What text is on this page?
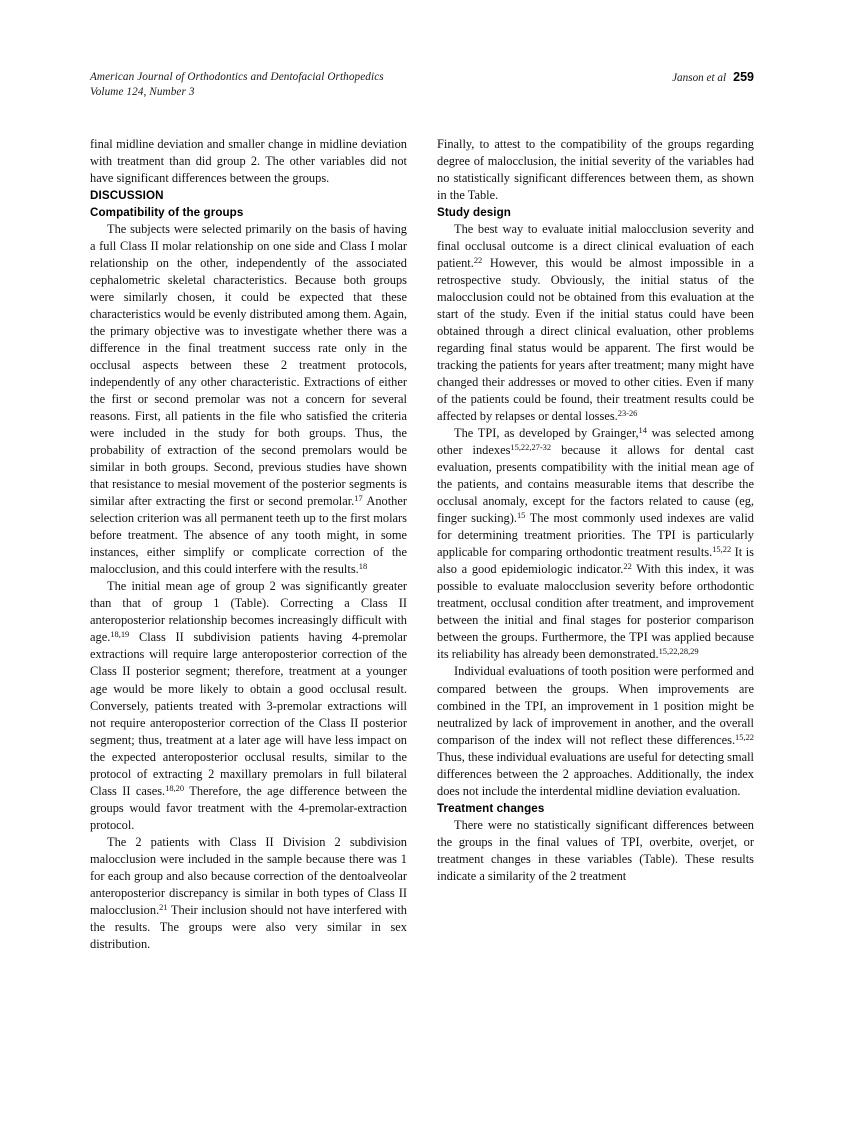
American Journal of Orthodontics and Dentofacial Orthopedics
Volume 124, Number 3
Janson et al 259

final midline deviation and smaller change in midline deviation with treatment than did group 2. The other variables did not have significant differences between the groups.

DISCUSSION
Compatibility of the groups

The subjects were selected primarily on the basis of having a full Class II molar relationship on one side and Class I molar relationship on the other, independently of the associated cephalometric skeletal characteristics. Because both groups were similarly chosen, it could be expected that these characteristics would be evenly distributed among them. Again, the primary objective was to investigate whether there was a difference in the final treatment success rate only in the occlusal aspects between these 2 treatment protocols, independently of any other characteristic. Extractions of either the first or second premolar was not a concern for several reasons. First, all patients in the file who satisfied the criteria were included in the study for both groups. Thus, the probability of extraction of the second premolars would be similar in both groups. Second, previous studies have shown that resistance to mesial movement of the posterior segments is similar after extracting the first or second premolar.$^{17}$ Another selection criterion was all permanent teeth up to the first molars before treatment. The absence of any tooth might, in some instances, either simplify or complicate correction of the malocclusion, and this could interfere with the results.$^{18}$

The initial mean age of group 2 was significantly greater than that of group 1 (Table). Correcting a Class II anteroposterior relationship becomes increasingly difficult with age.$^{18,19}$ Class II subdivision patients having 4-premolar extractions will require large anteroposterior correction of the Class II posterior segment; therefore, treatment at a younger age would be more likely to obtain a good occlusal result. Conversely, patients treated with 3-premolar extractions will not require anteroposterior correction of the Class II posterior segment; thus, treatment at a later age will have less impact on the expected anteroposterior occlusal results, similar to the protocol of extracting 2 maxillary premolars in full bilateral Class II cases.$^{18,20}$ Therefore, the age difference between the groups would favor treatment with the 4-premolar-extraction protocol.

The 2 patients with Class II Division 2 subdivision malocclusion were included in the sample because there was 1 for each group and also because correction of the dentoalveolar anteroposterior discrepancy is similar in both types of Class II malocclusion.$^{21}$ Their inclusion should not have interfered with the results. The groups were also very similar in sex distribution.

Finally, to attest to the compatibility of the groups regarding degree of malocclusion, the initial severity of the variables had no statistically significant differences between them, as shown in the Table.

Study design

The best way to evaluate initial malocclusion severity and final occlusal outcome is a direct clinical evaluation of each patient.$^{22}$ However, this would be almost impossible in a retrospective study. Obviously, the initial status of the malocclusion could not be obtained from this evaluation at the start of the study. Even if the initial status could have been obtained through a direct clinical evaluation, other problems regarding final status would be apparent. The first would be tracking the patients for years after treatment; many might have changed their addresses or moved to other cities. Even if many of the patients could be found, their treatment results could be affected by relapses or dental losses.$^{23-26}$

The TPI, as developed by Grainger,$^{14}$ was selected among other indexes$^{15,22,27-32}$ because it allows for dental cast evaluation, presents compatibility with the initial mean age of the patients, and contains measurable items that describe the occlusal anomaly, except for the factors related to cause (eg, finger sucking).$^{15}$ The most commonly used indexes are valid for determining treatment priorities. The TPI is particularly applicable for comparing orthodontic treatment results.$^{15,22}$ It is also a good epidemiologic indicator.$^{22}$ With this index, it was possible to evaluate malocclusion severity before orthodontic treatment, occlusal condition after treatment, and improvement between the initial and final stages for posterior comparison between the groups. Furthermore, the TPI was applied because its reliability has already been demonstrated.$^{15,22,28,29}$

Individual evaluations of tooth position were performed and compared between the groups. When improvements are combined in the TPI, an improvement in 1 position might be neutralized by lack of improvement in another, and the overall comparison of the index will not reflect these differences.$^{15,22}$ Thus, these individual evaluations are useful for detecting small differences between the 2 approaches. Additionally, the index does not include the interdental midline deviation evaluation.

Treatment changes

There were no statistically significant differences between the groups in the final values of TPI, overbite, overjet, or treatment changes in these variables (Table). These results indicate a similarity of the 2 treatment
